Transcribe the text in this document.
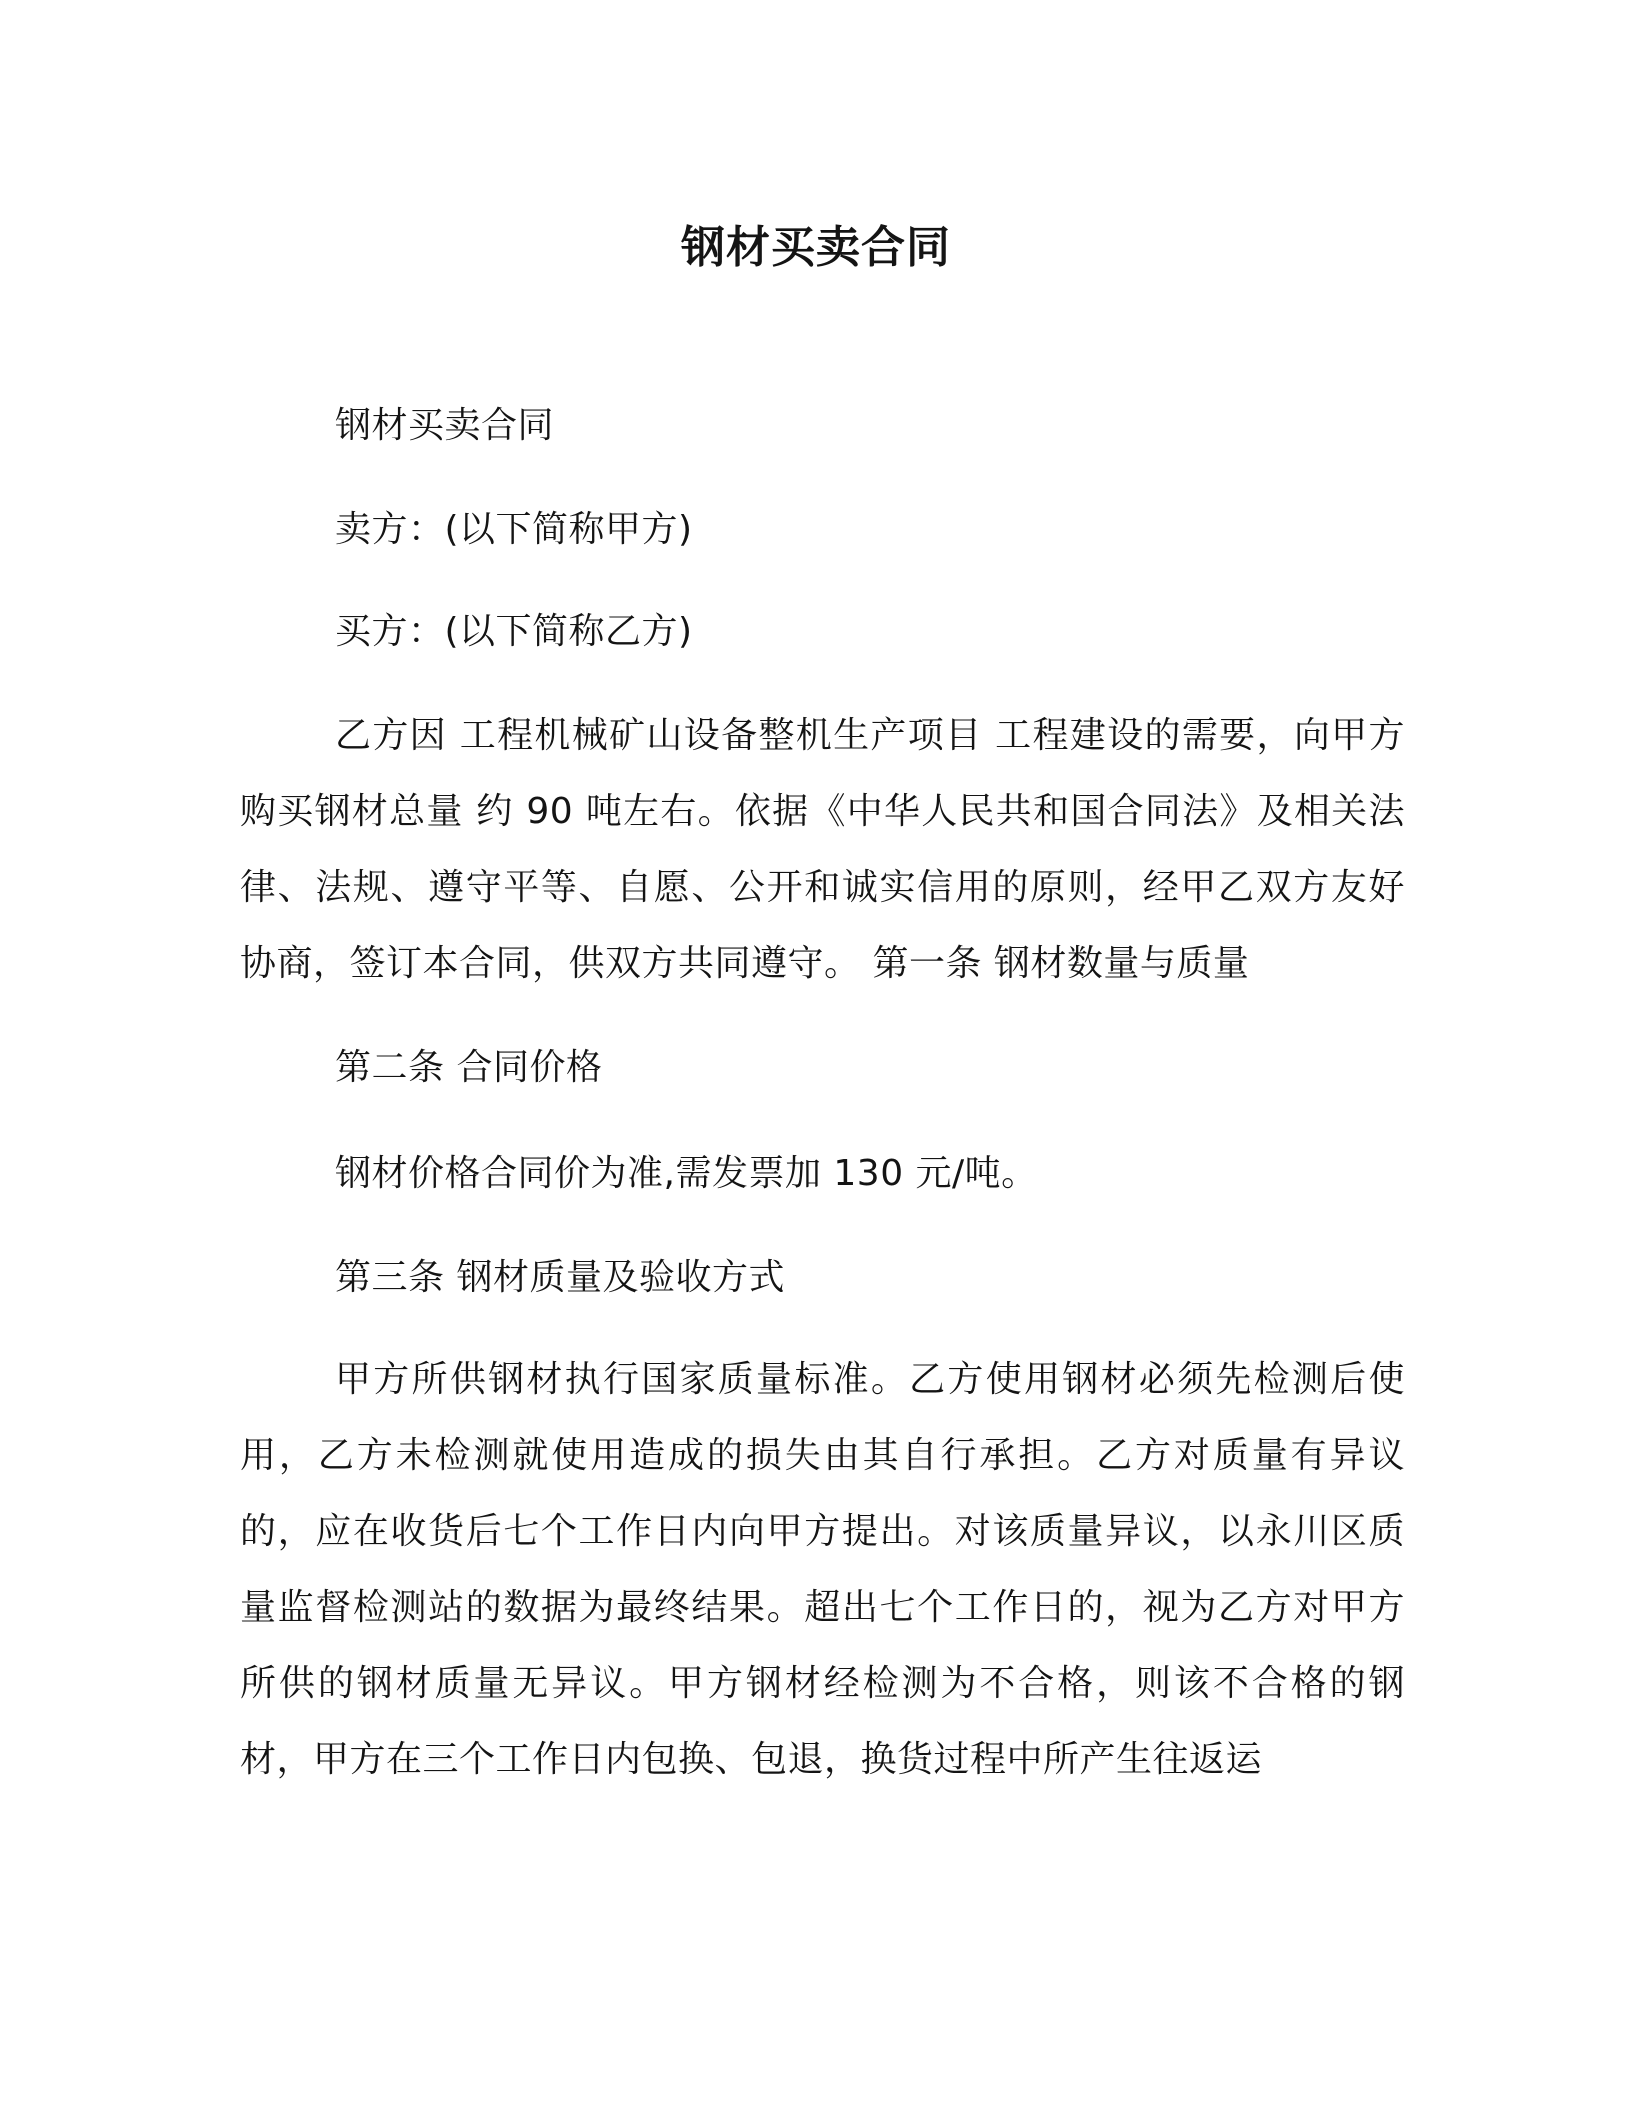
钢材买卖合同

钢材买卖合同

卖方：(以下简称甲方)

买方：(以下简称乙方)

乙方因 工程机械矿山设备整机生产项目 工程建设的需要，向甲方购买钢材总量 约 90 吨左右。依据《中华人民共和国合同法》及相关法律、法规、遵守平等、自愿、公开和诚实信用的原则，经甲乙双方友好协商，签订本合同，供双方共同遵守。 第一条 钢材数量与质量

第二条 合同价格

钢材价格合同价为准,需发票加 130 元/吨。

第三条 钢材质量及验收方式

甲方所供钢材执行国家质量标准。乙方使用钢材必须先检测后使用，乙方未检测就使用造成的损失由其自行承担。乙方对质量有异议的，应在收货后七个工作日内向甲方提出。对该质量异议，以永川区质量监督检测站的数据为最终结果。超出七个工作日的，视为乙方对甲方所供的钢材质量无异议。甲方钢材经检测为不合格，则该不合格的钢材，甲方在三个工作日内包换、包退，换货过程中所产生往返运
